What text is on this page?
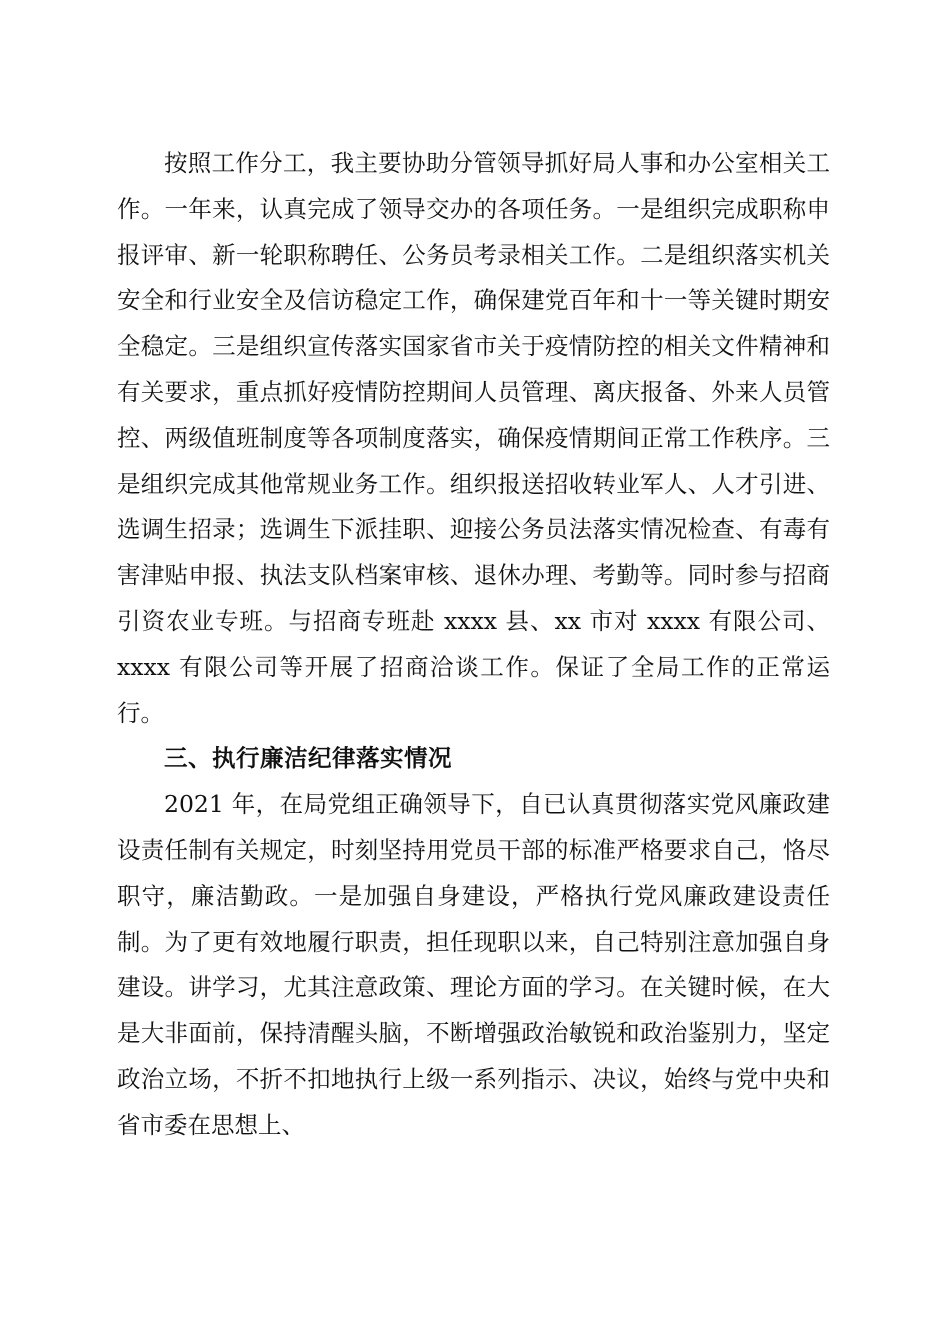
按照工作分工，我主要协助分管领导抓好局人事和办公室相关工作。一年来，认真完成了领导交办的各项任务。一是组织完成职称申报评审、新一轮职称聘任、公务员考录相关工作。二是组织落实机关安全和行业安全及信访稳定工作，确保建党百年和十一等关键时期安全稳定。三是组织宣传落实国家省市关于疫情防控的相关文件精神和有关要求，重点抓好疫情防控期间人员管理、离庆报备、外来人员管控、两级值班制度等各项制度落实，确保疫情期间正常工作秩序。三是组织完成其他常规业务工作。组织报送招收转业军人、人才引进、选调生招录；选调生下派挂职、迎接公务员法落实情况检查、有毒有害津贴申报、执法支队档案审核、退休办理、考勤等。同时参与招商引资农业专班。与招商专班赴 xxxx 县、xx 市对 xxxx 有限公司、xxxx 有限公司等开展了招商洽谈工作。保证了全局工作的正常运行。

三、执行廉洁纪律落实情况

2021 年，在局党组正确领导下，自已认真贯彻落实党风廉政建设责任制有关规定，时刻坚持用党员干部的标准严格要求自己，恪尽职守，廉洁勤政。一是加强自身建设，严格执行党风廉政建设责任制。为了更有效地履行职责，担任现职以来，自己特别注意加强自身建设。讲学习，尤其注意政策、理论方面的学习。在关键时候，在大是大非面前，保持清醒头脑，不断增强政治敏锐和政治鉴别力，坚定政治立场，不折不扣地执行上级一系列指示、决议，始终与党中央和省市委在思想上、
